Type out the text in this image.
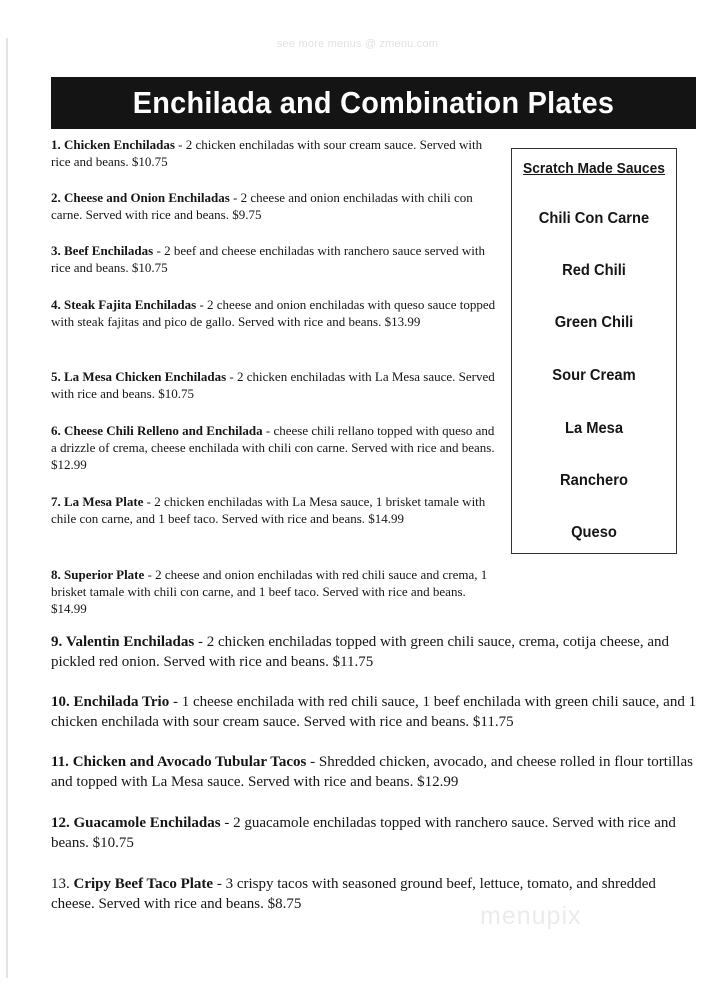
see more menus @ zmenu.com
Enchilada and Combination Plates
1. Chicken Enchiladas - 2 chicken enchiladas with sour cream sauce. Served with rice and beans. $10.75
2. Cheese and Onion Enchiladas - 2 cheese and onion enchiladas with chili con carne. Served with rice and beans. $9.75
3. Beef Enchiladas - 2 beef and cheese enchiladas with ranchero sauce served with rice and beans. $10.75
4. Steak Fajita Enchiladas - 2 cheese and onion enchiladas with queso sauce topped with steak fajitas and pico de gallo. Served with rice and beans. $13.99
5. La Mesa Chicken Enchiladas - 2 chicken enchiladas with La Mesa sauce. Served with rice and beans. $10.75
6. Cheese Chili Relleno and Enchilada - cheese chili rellano topped with queso and a drizzle of crema, cheese enchilada with chili con carne. Served with rice and beans. $12.99
7. La Mesa Plate - 2 chicken enchiladas with La Mesa sauce, 1 brisket tamale with chile con carne, and 1 beef taco. Served with rice and beans. $14.99
8. Superior Plate - 2 cheese and onion enchiladas with red chili sauce and crema, 1 brisket tamale with chili con carne, and 1 beef taco. Served with rice and beans. $14.99
9. Valentin Enchiladas - 2 chicken enchiladas topped with green chili sauce, crema, cotija cheese, and pickled red onion. Served with rice and beans. $11.75
10. Enchilada Trio - 1 cheese enchilada with red chili sauce, 1 beef enchilada with green chili sauce, and 1 chicken enchilada with sour cream sauce. Served with rice and beans. $11.75
11. Chicken and Avocado Tubular Tacos - Shredded chicken, avocado, and cheese rolled in flour tortillas and topped with La Mesa sauce. Served with rice and beans. $12.99
12. Guacamole Enchiladas - 2 guacamole enchiladas topped with ranchero sauce. Served with rice and beans. $10.75
13. Cripy Beef Taco Plate - 3 crispy tacos with seasoned ground beef, lettuce, tomato, and shredded cheese. Served with rice and beans. $8.75
Scratch Made Sauces
Chili Con Carne
Red Chili
Green Chili
Sour Cream
La Mesa
Ranchero
Queso
menupix
